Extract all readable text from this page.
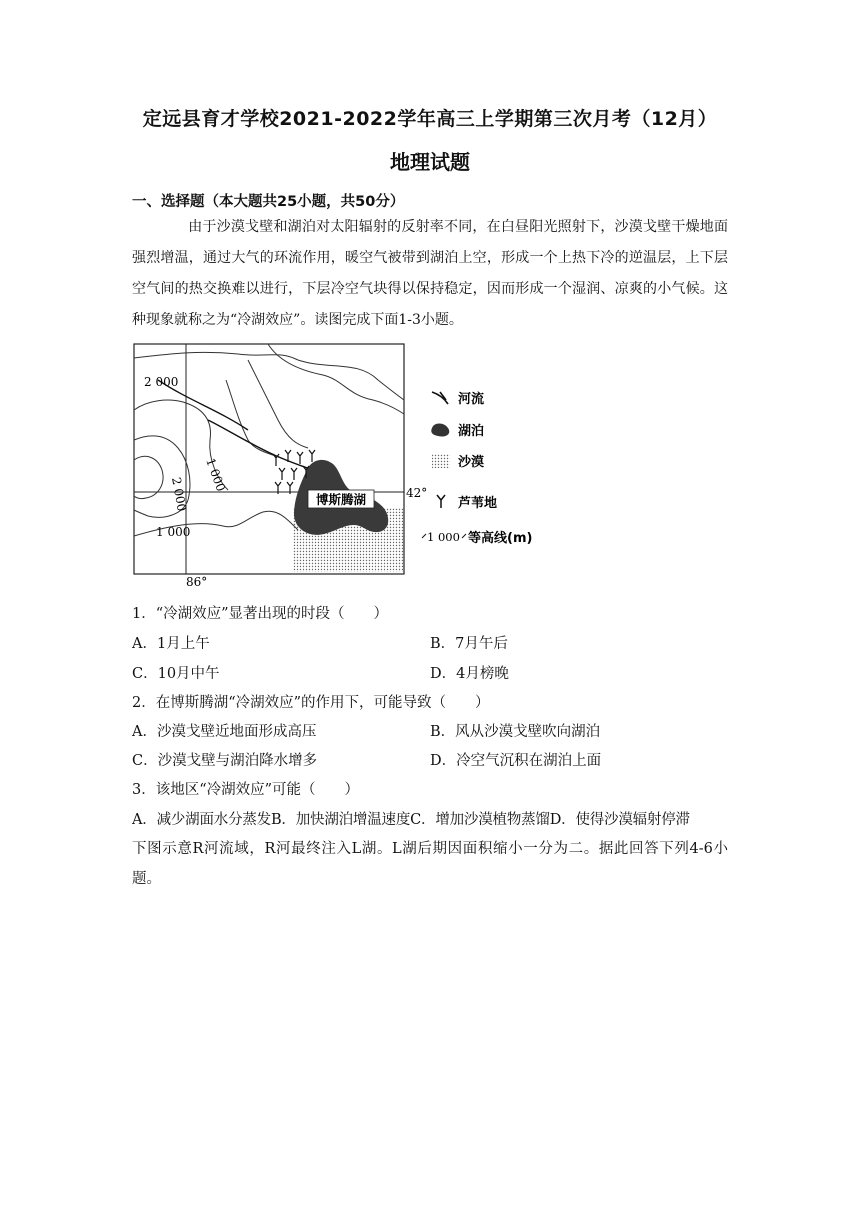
定远县育才学校2021-2022学年高三上学期第三次月考（12月）
地理试题
一、选择题（本大题共25小题，共50分）
由于沙漠戈壁和湖泊对太阳辐射的反射率不同，在白昼阳光照射下，沙漠戈壁干燥地面强烈增温，通过大气的环流作用，暖空气被带到湖泊上空，形成一个上热下冷的逆温层，上下层空气间的热交换难以进行，下层冷空气块得以保持稳定，因而形成一个湿润、凉爽的小气候。这种现象就称之为“冷湖效应”。读图完成下面1-3小题。
博斯腾湖
2 000
2 000
1 000
1 000
86°
42°
河流
湖泊
沙漠
芦苇地
1 000 等高线(m)
1．“冷湖效应”显著出现的时段（　　）
A．1月上午	B．7月午后
C．10月中午	D．4月榜晚
2．在博斯腾湖“冷湖效应”的作用下，可能导致（　　）
A．沙漠戈壁近地面形成高压	B．风从沙漠戈壁吹向湖泊
C．沙漠戈壁与湖泊降水增多	D．冷空气沉积在湖泊上面
3．该地区“冷湖效应”可能（　　）
A．减少湖面水分蒸发B．加快湖泊增温速度C．增加沙漠植物蒸馏D．使得沙漠辐射停滞
下图示意R河流域，R河最终注入L湖。L湖后期因面积缩小一分为二。据此回答下列4-6小题。
